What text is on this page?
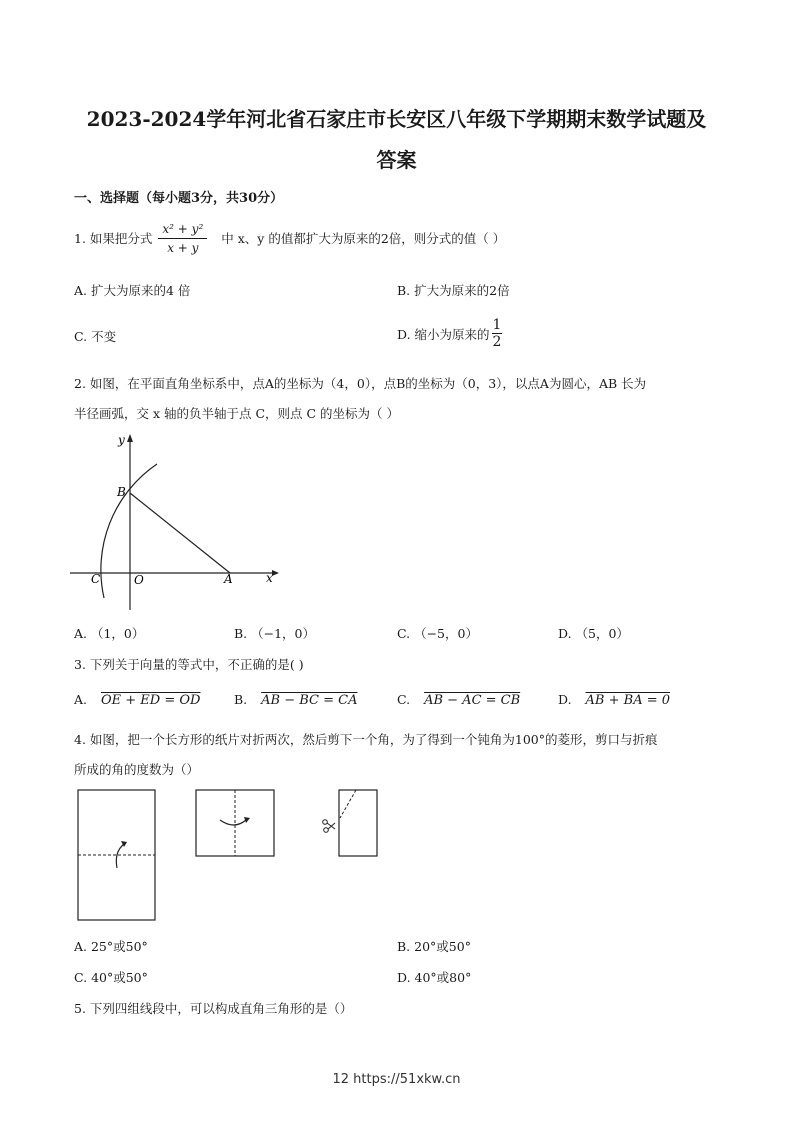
2023-2024学年河北省石家庄市长安区八年级下学期期末数学试题及
答案
一、选择题（每小题3分，共30分）
1. 如果把分式 $\frac{\text{x² + y²}}{x + y}$ 中 x、y 的值都扩大为原来的2倍，则分式的值（ ）
A. 扩大为原来的4 倍	B. 扩大为原来的2倍
C. 不变	D. 缩小为原来的 $\frac{1}{2}$
2. 如图，在平面直角坐标系中，点A的坐标为（4，0），点B的坐标为（0，3），以点A为圆心，AB 长为
半径画弧，交 x 轴的负半轴于点 C，则点 C 的坐标为（ ）
y
x
B
C	O	A
A. （1，0）	B. （−1，0）	C. （−5，0）	D. （5，0）
3. 下列关于向量的等式中，不正确的是( )
A. OE + ED = OD	B. AB − BC = CA	C. AB − AC = CB	D. AB + BA = 0
4. 如图，把一个长方形的纸片对折两次，然后剪下一个角，为了得到一个钝角为100°的菱形，剪口与折痕
所成的角的度数为（）
A. 25°或50°	B. 20°或50°
C. 40°或50°	D. 40°或80°
5. 下列四组线段中，可以构成直角三角形的是（）
12 https://51xkw.cn
